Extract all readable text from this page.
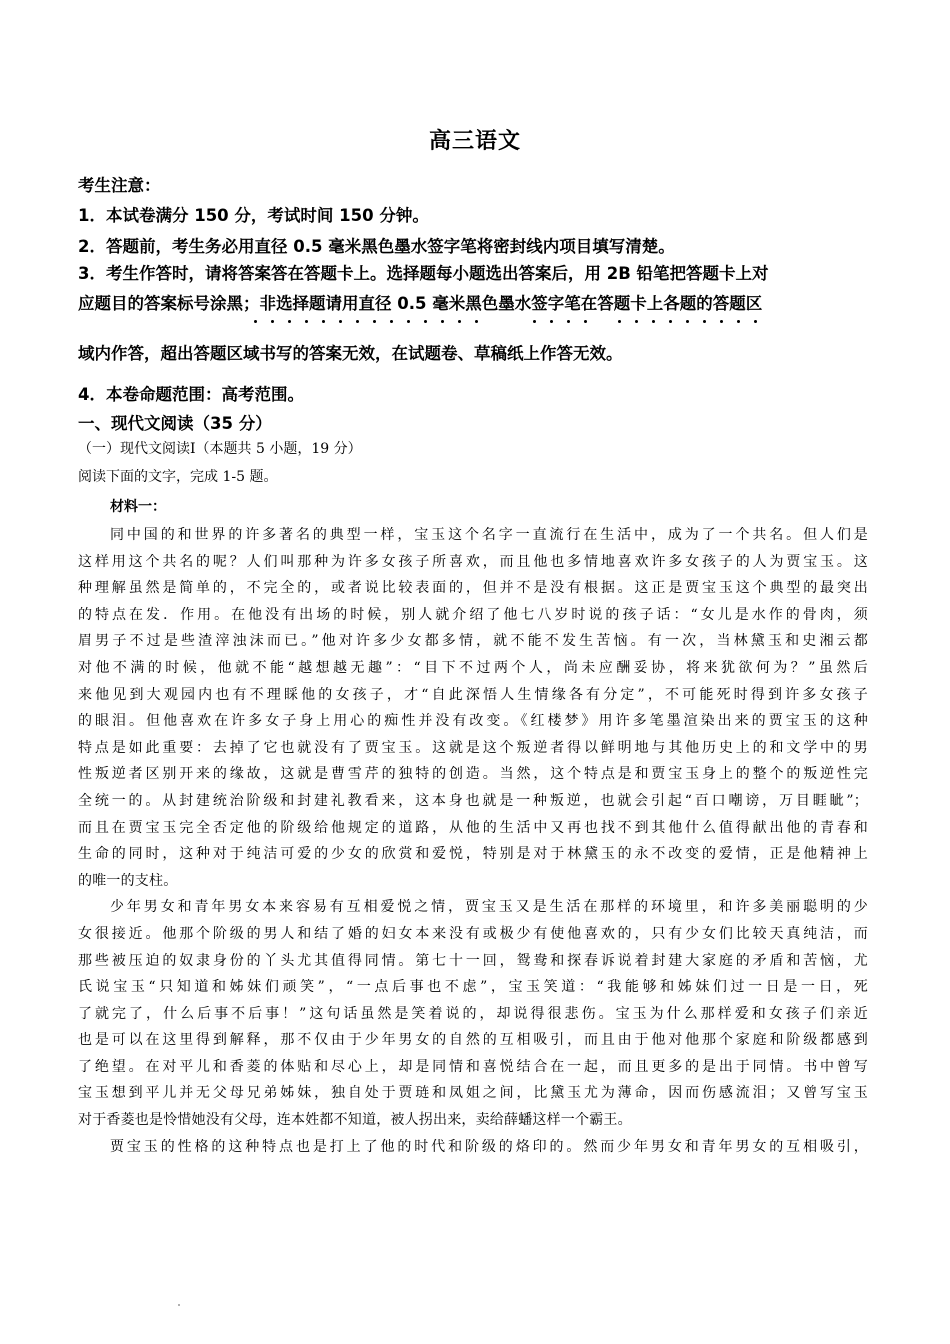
高三语文
考生注意：
1．本试卷满分 150 分，考试时间 150 分钟。
2．答题前，考生务必用直径 0.5 毫米黑色墨水签字笔将密封线内项目填写清楚。
3．考生作答时，请将答案答在答题卡上。选择题每小题选出答案后，用 2B 铅笔把答题卡上对
应题目的答案标号涂黑；非选择题请用直径 0.5 毫米黑色墨水签字笔在答题卡上各题的答题区
域内作答，超出答题区域书写的答案无效，在试题卷、草稿纸上作答无效。
4．本卷命题范围：高考范围。
一、现代文阅读（35 分）
（一）现代文阅读Ⅰ（本题共 5 小题，19 分）
阅读下面的文字，完成 1-5 题。
材料一：
同中国的和世界的许多著名的典型一样，宝玉这个名字一直流行在生活中，成为了一个共名。但人们是
这样用这个共名的呢？人们叫那种为许多女孩子所喜欢，而且他也多情地喜欢许多女孩子的人为贾宝玉。这
种理解虽然是简单的，不完全的，或者说比较表面的，但并不是没有根据。这正是贾宝玉这个典型的最突出
的特点在发．作用。在他没有出场的时候，别人就介绍了他七八岁时说的孩子话：“女儿是水作的骨肉，须
眉男子不过是些渣滓浊沫而已。”他对许多少女都多情，就不能不发生苦恼。有一次，当林黛玉和史湘云都
对他不满的时候，他就不能“越想越无趣”：“目下不过两个人，尚未应酬妥协，将来犹欲何为？”虽然后
来他见到大观园内也有不理睬他的女孩子，才“自此深悟人生情缘各有分定”，不可能死时得到许多女孩子
的眼泪。但他喜欢在许多女子身上用心的痴性并没有改变。《红楼梦》用许多笔墨渲染出来的贾宝玉的这种
特点是如此重要：去掉了它也就没有了贾宝玉。这就是这个叛逆者得以鲜明地与其他历史上的和文学中的男
性叛逆者区别开来的缘故，这就是曹雪芹的独特的创造。当然，这个特点是和贾宝玉身上的整个的叛逆性完
全统一的。从封建统治阶级和封建礼教看来，这本身也就是一种叛逆，也就会引起“百口嘲谤，万目睚眦”；
而且在贾宝玉完全否定他的阶级给他规定的道路，从他的生活中又再也找不到其他什么值得献出他的青春和
生命的同时，这种对于纯洁可爱的少女的欣赏和爱悦，特别是对于林黛玉的永不改变的爱情，正是他精神上
的唯一的支柱。
少年男女和青年男女本来容易有互相爱悦之情，贾宝玉又是生活在那样的环境里，和许多美丽聪明的少
女很接近。他那个阶级的男人和结了婚的妇女本来没有或极少有使他喜欢的，只有少女们比较天真纯洁，而
那些被压迫的奴隶身份的丫头尤其值得同情。第七十一回，鸳鸯和探春诉说着封建大家庭的矛盾和苦恼，尤
氏说宝玉“只知道和姊妹们顽笑”，“一点后事也不虑”，宝玉笑道：“我能够和姊妹们过一日是一日，死
了就完了，什么后事不后事！”这句话虽然是笑着说的，却说得很悲伤。宝玉为什么那样爱和女孩子们亲近
也是可以在这里得到解释，那不仅由于少年男女的自然的互相吸引，而且由于他对他那个家庭和阶级都感到
了绝望。在对平儿和香菱的体贴和尽心上，却是同情和喜悦结合在一起，而且更多的是出于同情。书中曾写
宝玉想到平儿并无父母兄弟姊妹，独自处于贾琏和凤姐之间，比黛玉尤为薄命，因而伤感流泪；又曾写宝玉
对于香菱也是怜惜她没有父母，连本姓都不知道，被人拐出来，卖给薛蟠这样一个霸王。
贾宝玉的性格的这种特点也是打上了他的时代和阶级的烙印的。然而少年男女和青年男女的互相吸引，
